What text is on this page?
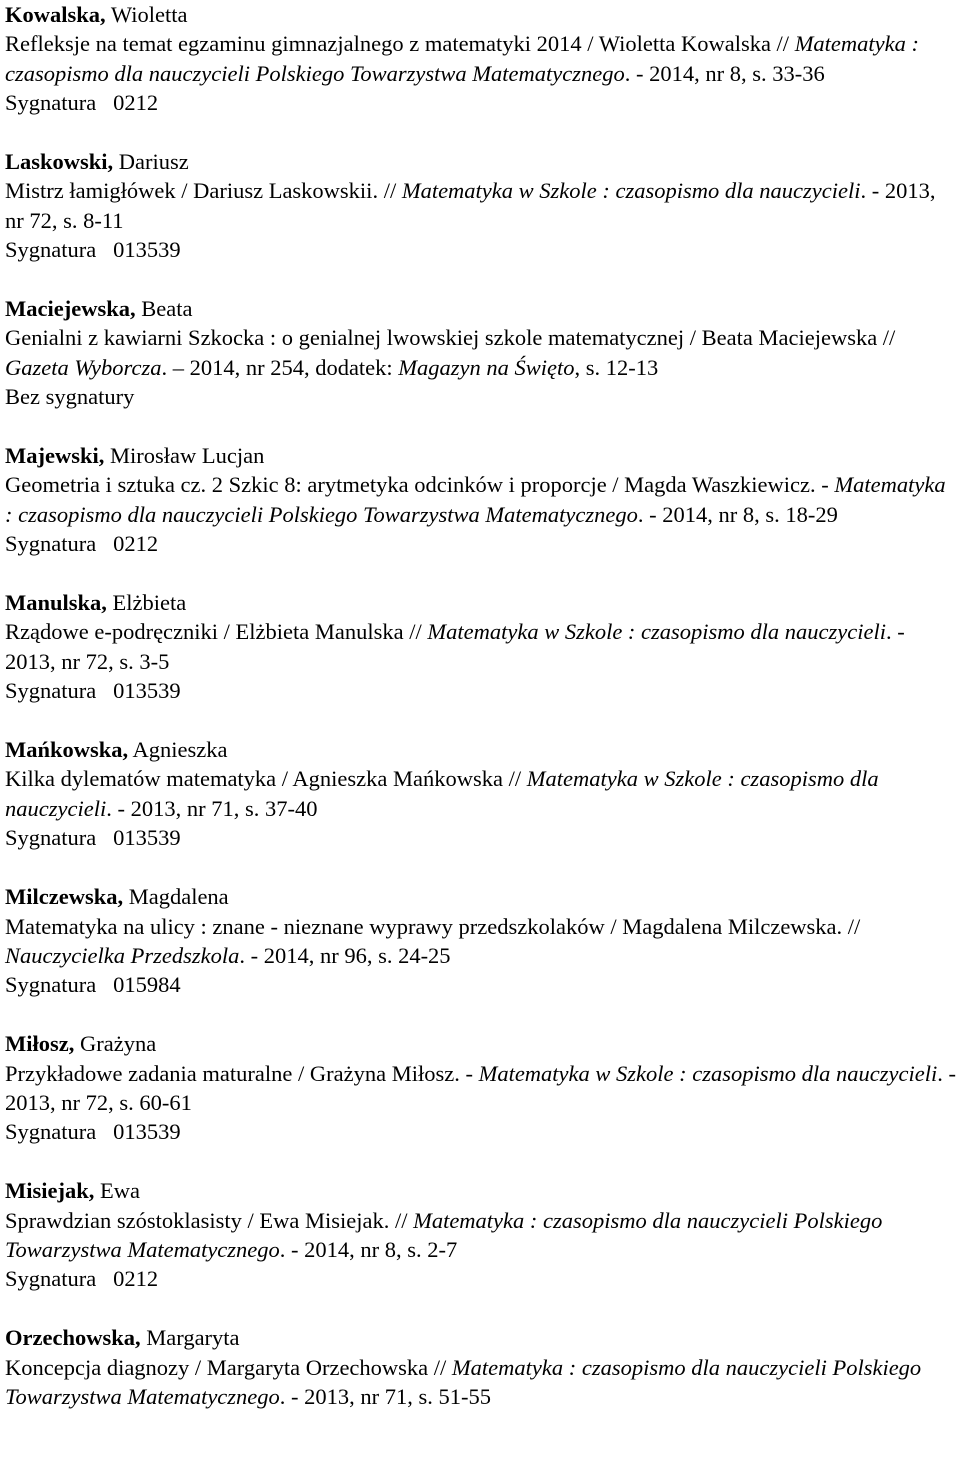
Kowalska, Wioletta
Refleksje na temat egzaminu gimnazjalnego z matematyki 2014 / Wioletta Kowalska // Matematyka : czasopismo dla nauczycieli Polskiego Towarzystwa Matematycznego. - 2014, nr 8, s. 33-36
Sygnatura   0212
Laskowski, Dariusz
Mistrz łamigłówek / Dariusz Laskowskii. // Matematyka w Szkole : czasopismo dla nauczycieli. - 2013, nr 72, s. 8-11
Sygnatura   013539
Maciejewska, Beata
Genialni z kawiarni Szkocka : o genialnej lwowskiej szkole matematycznej / Beata Maciejewska // Gazeta Wyborcza. – 2014, nr 254, dodatek: Magazyn na Święto, s. 12-13
Bez sygnatury
Majewski, Mirosław Lucjan
Geometria i sztuka cz. 2 Szkic 8: arytmetyka odcinków i proporcje / Magda Waszkiewicz. - Matematyka : czasopismo dla nauczycieli Polskiego Towarzystwa Matematycznego. - 2014, nr 8, s. 18-29
Sygnatura   0212
Manulska, Elżbieta
Rządowe e-podręczniki / Elżbieta Manulska // Matematyka w Szkole : czasopismo dla nauczycieli. - 2013, nr 72, s. 3-5
Sygnatura   013539
Mańkowska, Agnieszka
Kilka dylematów matematyka / Agnieszka Mańkowska // Matematyka w Szkole : czasopismo dla nauczycieli. - 2013, nr 71, s. 37-40
Sygnatura   013539
Milczewska, Magdalena
Matematyka na ulicy : znane - nieznane wyprawy przedszkolaków / Magdalena Milczewska. // Nauczycielka Przedszkola. - 2014, nr 96, s. 24-25
Sygnatura   015984
Miłosz, Grażyna
Przykładowe zadania maturalne / Grażyna Miłosz. - Matematyka w Szkole : czasopismo dla nauczycieli. - 2013, nr 72, s. 60-61
Sygnatura   013539
Misiejak, Ewa
Sprawdzian szóstoklasisty / Ewa Misiejak. // Matematyka : czasopismo dla nauczycieli Polskiego Towarzystwa Matematycznego. - 2014, nr 8, s. 2-7
Sygnatura   0212
Orzechowska, Margaryta
Koncepcja diagnozy / Margaryta Orzechowska // Matematyka : czasopismo dla nauczycieli Polskiego Towarzystwa Matematycznego. - 2013, nr 71, s. 51-55
